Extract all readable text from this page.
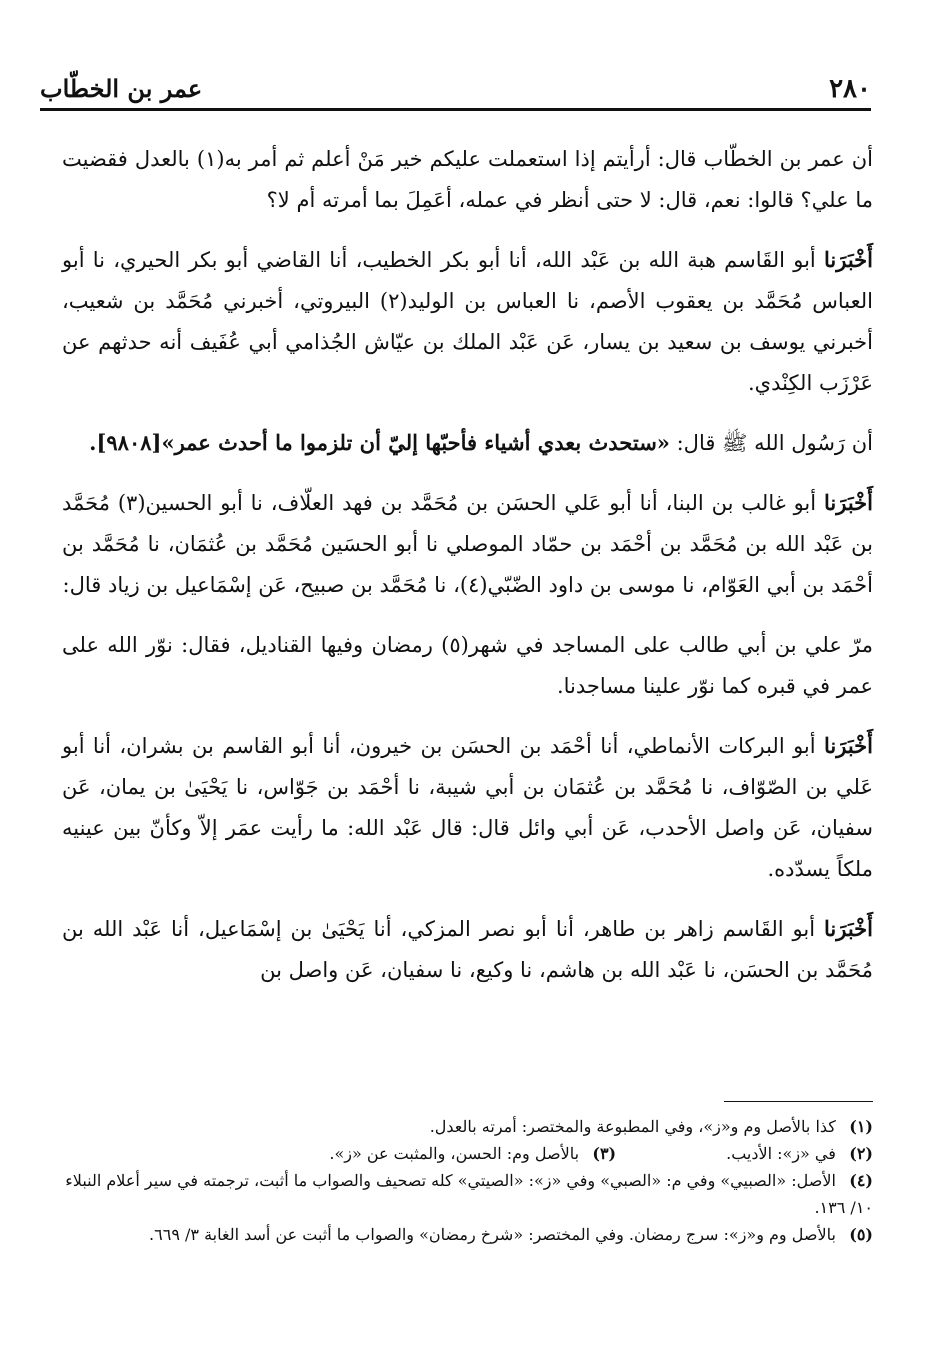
٢٨٠
عمر بن الخطّاب

أن عمر بن الخطّاب قال: أرأيتم إذا استعملت عليكم خير مَنْ أعلم ثم أمر به(١) بالعدل فقضيت ما علي؟ قالوا: نعم، قال: لا حتى أنظر في عمله، أعَمِلَ بما أمرته أم لا؟

أَخْبَرَنا أبو القَاسم هبة الله بن عَبْد الله، أنا أبو بكر الخطيب، أنا القاضي أبو بكر الحيري، نا أبو العباس مُحَمَّد بن يعقوب الأصم، نا العباس بن الوليد(٢) البيروتي، أخبرني مُحَمَّد بن شعيب، أخبرني يوسف بن سعيد بن يسار، عَن عَبْد الملك بن عيّاش الجُذامي أبي عُفَيف أنه حدثهم عن عَرْزَب الكِنْدي.

أن رَسُول الله ﷺ قال: «ستحدث بعدي أشياء فأحبّها إليّ أن تلزموا ما أحدث عمر»[٩٨٠٨].

أَخْبَرَنا أبو غالب بن البنا، أنا أبو عَلي الحسَن بن مُحَمَّد بن فهد العلّاف، نا أبو الحسين(٣) مُحَمَّد بن عَبْد الله بن مُحَمَّد بن أحْمَد بن حمّاد الموصلي نا أبو الحسَين مُحَمَّد بن عُثمَان، نا مُحَمَّد بن أحْمَد بن أبي العَوّام، نا موسى بن داود الضّبّي(٤)، نا مُحَمَّد بن صبيح، عَن إسْمَاعيل بن زياد قال:

مرّ علي بن أبي طالب على المساجد في شهر(٥) رمضان وفيها القناديل، فقال: نوّر الله على عمر في قبره كما نوّر علينا مساجدنا.

أَخْبَرَنا أبو البركات الأنماطي، أنا أحْمَد بن الحسَن بن خيرون، أنا أبو القاسم بن بشران، أنا أبو عَلي بن الصّوّاف، نا مُحَمَّد بن عُثمَان بن أبي شيبة، نا أحْمَد بن جَوّاس، نا يَحْيَىٰ بن يمان، عَن سفيان، عَن واصل الأحدب، عَن أبي وائل قال: قال عَبْد الله: ما رأيت عمَر إلاّ وكأنّ بين عينيه ملكاً يسدّده.

أَخْبَرَنا أبو القَاسم زاهر بن طاهر، أنا أبو نصر المزكي، أنا يَحْيَىٰ بن إسْمَاعيل، أنا عَبْد الله بن مُحَمَّد بن الحسَن، نا عَبْد الله بن هاشم، نا وكيع، نا سفيان، عَن واصل بن

(١) كذا بالأصل وم و«ز»، وفي المطبوعة والمختصر: أمرته بالعدل.
(٢) في «ز»: الأديب.
(٣) بالأصل وم: الحسن، والمثبت عن «ز».
(٤) الأصل: «الصبيي» وفي م: «الصبي» وفي «ز»: «الصيتي» كله تصحيف والصواب ما أثبت، ترجمته في سير أعلام النبلاء ١٠/ ١٣٦.
(٥) بالأصل وم و«ز»: سرج رمضان. وفي المختصر: «شرخ رمضان» والصواب ما أثبت عن أسد الغابة ٣/ ٦٦٩.
